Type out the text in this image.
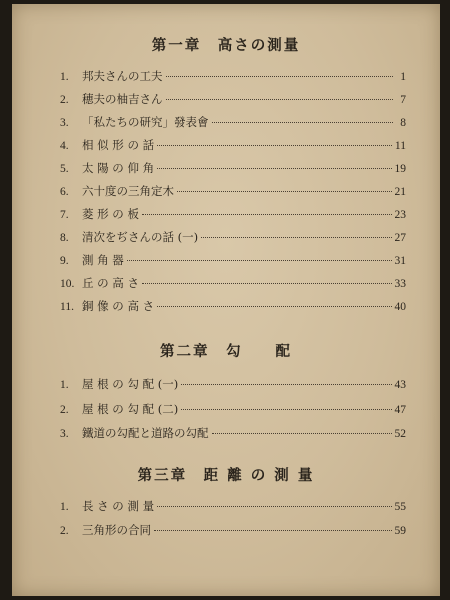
第一章　高さの測量
1.	邦夫さんの工夫	1
2.	穂夫の柚吉さん	7
3.	「私たちの研究」發表會	8
4.	相 似 形 の 話	11
5.	太 陽 の 仰 角	19
6.	六十度の三角定木	21
7.	菱 形 の 板	23
8.	清次をぢさんの話 (一)	27
9.	測 角 器	31
10. 丘 の 高 さ	33
11. 銅 像 の 高 さ	40
第二章　勾　　配
1.	屋 根 の 勾 配 (一)	43
2.	屋 根 の 勾 配 (二)	47
3.	鐵道の勾配と道路の勾配	52
第三章　距 離 の 測 量
1.	長 さ の 測 量	55
2.	三角形の合同	59
